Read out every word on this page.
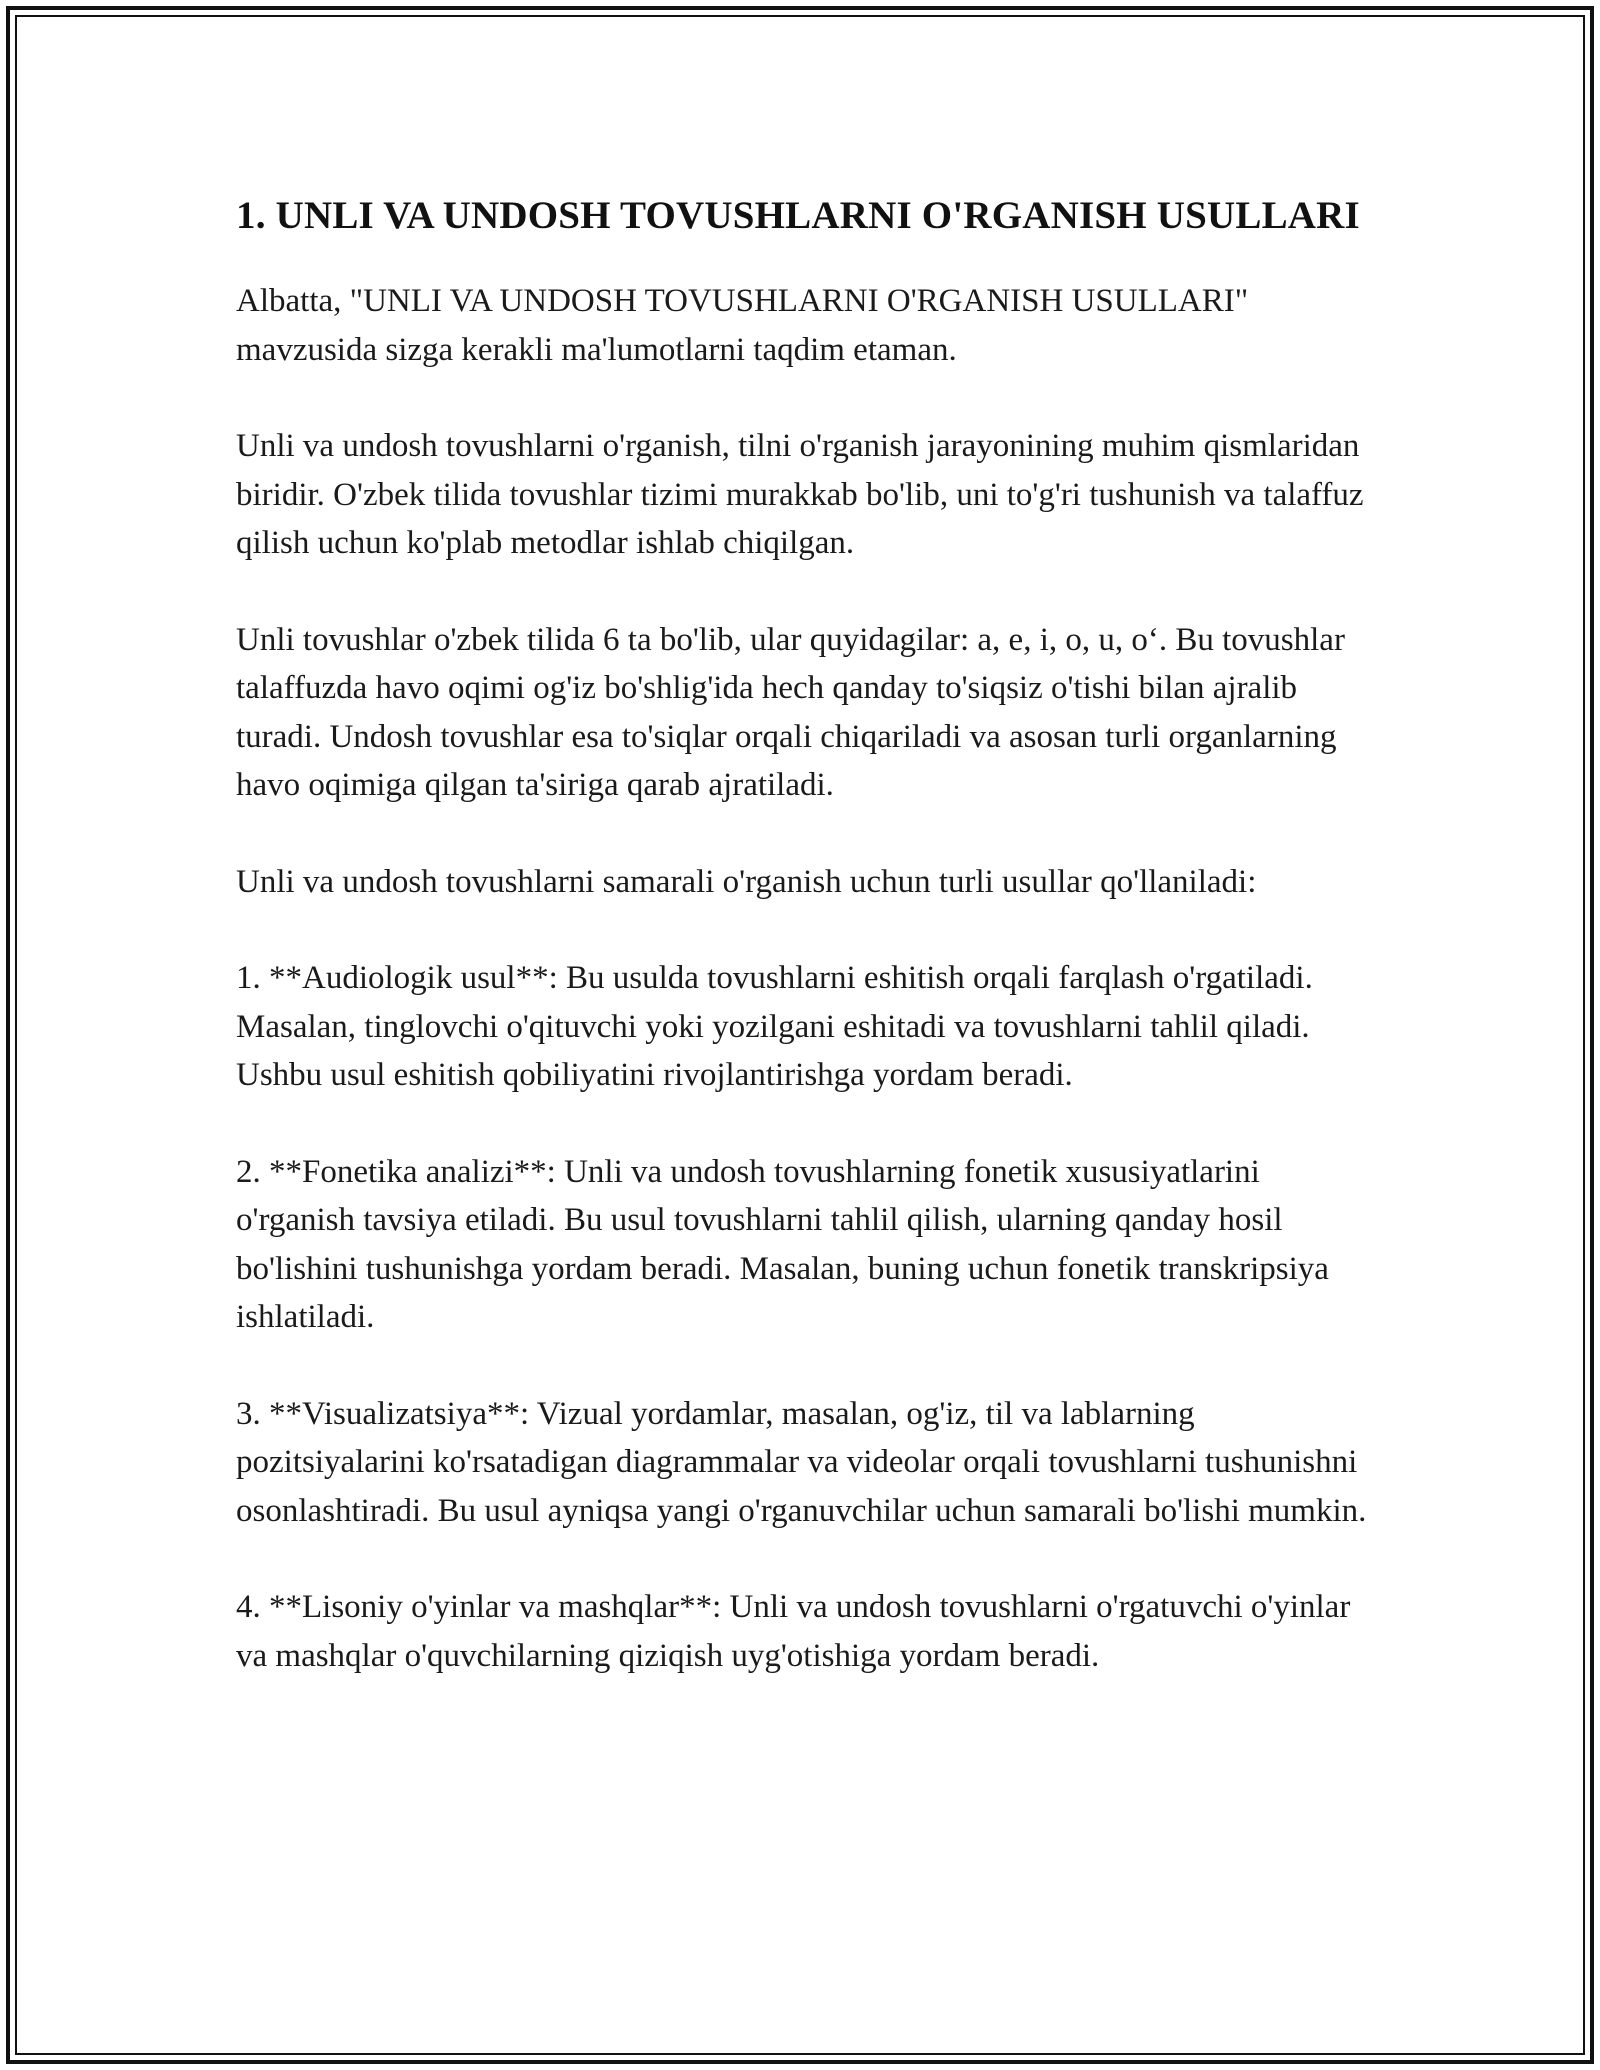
1. UNLI VA UNDOSH TOVUSHLARNI O'RGANISH USULLARI

Albatta, "UNLI VA UNDOSH TOVUSHLARNI O'RGANISH USULLARI" mavzusida sizga kerakli ma'lumotlarni taqdim etaman.

Unli va undosh tovushlarni o'rganish, tilni o'rganish jarayonining muhim qismlaridan biridir. O'zbek tilida tovushlar tizimi murakkab bo'lib, uni to'g'ri tushunish va talaffuz qilish uchun ko'plab metodlar ishlab chiqilgan.

Unli tovushlar o'zbek tilida 6 ta bo'lib, ular quyidagilar: a, e, i, o, u, o‘. Bu tovushlar talaffuzda havo oqimi og'iz bo'shlig'ida hech qanday to'siqsiz o'tishi bilan ajralib turadi. Undosh tovushlar esa to'siqlar orqali chiqariladi va asosan turli organlarning havo oqimiga qilgan ta'siriga qarab ajratiladi.

Unli va undosh tovushlarni samarali o'rganish uchun turli usullar qo'llaniladi:

1. **Audiologik usul**: Bu usulda tovushlarni eshitish orqali farqlash o'rgatiladi. Masalan, tinglovchi o'qituvchi yoki yozilgani eshitadi va tovushlarni tahlil qiladi. Ushbu usul eshitish qobiliyatini rivojlantirishga yordam beradi.

2. **Fonetika analizi**: Unli va undosh tovushlarning fonetik xususiyatlarini o'rganish tavsiya etiladi. Bu usul tovushlarni tahlil qilish, ularning qanday hosil bo'lishini tushunishga yordam beradi. Masalan, buning uchun fonetik transkripsiya ishlatiladi.

3. **Visualizatsiya**: Vizual yordamlar, masalan, og'iz, til va lablarning pozitsiyalarini ko'rsatadigan diagrammalar va videolar orqali tovushlarni tushunishni osonlashtiradi. Bu usul ayniqsa yangi o'rganuvchilar uchun samarali bo'lishi mumkin.

4. **Lisoniy o'yinlar va mashqlar**: Unli va undosh tovushlarni o'rgatuvchi o'yinlar va mashqlar o'quvchilarning qiziqish uyg'otishiga yordam beradi.
